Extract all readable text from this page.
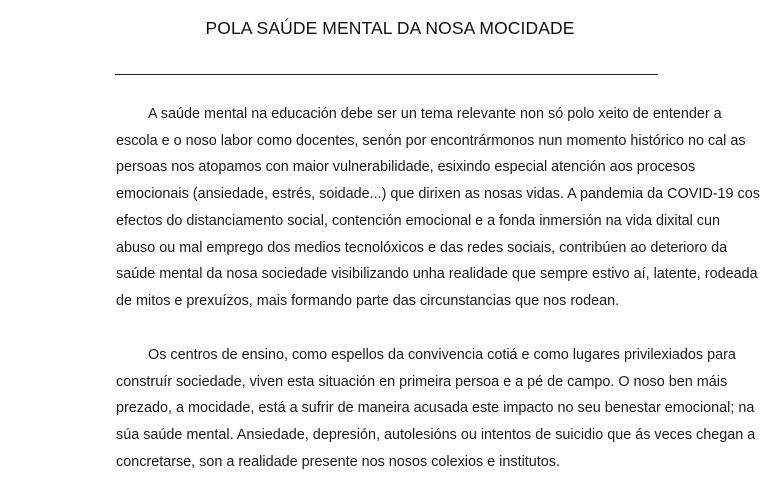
POLA SAÚDE MENTAL DA NOSA MOCIDADE
A saúde mental na educación debe ser un tema relevante non só polo xeito de entender a
escola e o noso labor como docentes, senón por encontrármonos nun momento histórico no cal as
persoas nos atopamos con maior vulnerabilidade, esixindo especial atención aos procesos
emocionais (ansiedade, estrés, soidade...) que dirixen as nosas vidas. A pandemia da COVID-19 cos
efectos do distanciamento social, contención emocional e a fonda inmersión na vida dixital cun
abuso ou mal emprego dos medios tecnolóxicos e das redes sociais, contribúen ao deterioro da
saúde mental da nosa sociedade visibilizando unha realidade que sempre estivo aí, latente, rodeada
de mitos e prexuízos, mais formando parte das circunstancias que nos rodean.
Os centros de ensino, como espellos da convivencia cotiá e como lugares privilexiados para
construír sociedade, viven esta situación en primeira persoa e a pé de campo. O noso ben máis
prezado, a mocidade, está a sufrir de maneira acusada este impacto no seu benestar emocional; na
súa saúde mental. Ansiedade, depresión, autolesións ou intentos de suicidio que ás veces chegan a
concretarse, son a realidade presente nos nosos colexios e institutos.
